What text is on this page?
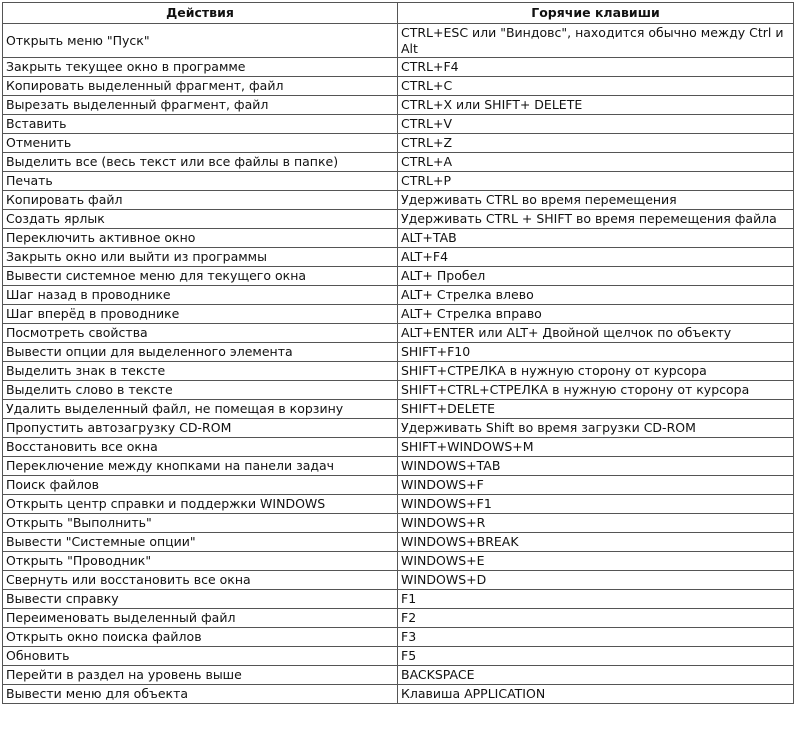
Действия	Горячие клавиши
Открыть меню "Пуск"	CTRL+ESC или "Виндовс", находится обычно между Ctrl и Alt
Закрыть текущее окно в программе	CTRL+F4
Копировать выделенный фрагмент, файл	CTRL+C
Вырезать выделенный фрагмент, файл	CTRL+X или SHIFT+ DELETE
Вставить	CTRL+V
Отменить	CTRL+Z
Выделить все (весь текст или все файлы в папке)	CTRL+A
Печать	CTRL+P
Копировать файл	Удерживать CTRL во время перемещения
Создать ярлык	Удерживать CTRL + SHIFT во время перемещения файла
Переключить активное окно	ALT+TAB
Закрыть окно или выйти из программы	ALT+F4
Вывести системное меню для текущего окна	ALT+ Пробел
Шаг назад в проводнике	ALT+ Стрелка влево
Шаг вперёд в проводнике	ALT+ Стрелка вправо
Посмотреть свойства	ALT+ENTER или ALT+ Двойной щелчок по объекту
Вывести опции для выделенного элемента	SHIFT+F10
Выделить знак в тексте	SHIFT+СТРЕЛКА в нужную сторону от курсора
Выделить слово в тексте	SHIFT+CTRL+СТРЕЛКА в нужную сторону от курсора
Удалить выделенный файл, не помещая в корзину	SHIFT+DELETE
Пропустить автозагрузку CD-ROM	Удерживать Shift во время загрузки CD-ROM
Восстановить все окна	SHIFT+WINDOWS+M
Переключение между кнопками на панели задач	WINDOWS+TAB
Поиск файлов	WINDOWS+F
Открыть центр справки и поддержки WINDOWS	WINDOWS+F1
Открыть "Выполнить"	WINDOWS+R
Вывести "Системные опции"	WINDOWS+BREAK
Открыть "Проводник"	WINDOWS+E
Свернуть или восстановить все окна	WINDOWS+D
Вывести справку	F1
Переименовать выделенный файл	F2
Открыть окно поиска файлов	F3
Обновить	F5
Перейти в раздел на уровень выше	BACKSPACE
Вывести меню для объекта	Клавиша APPLICATION
